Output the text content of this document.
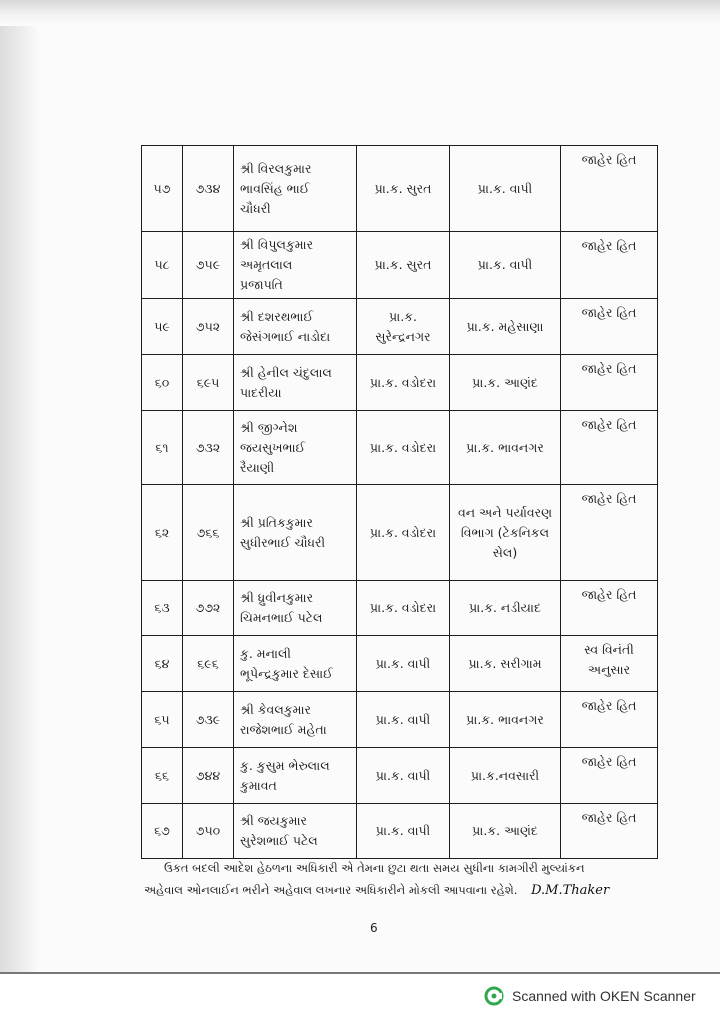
૫૭	૭૩૪	શ્રી વિરલકુમાર
ભાવસિંહ ભાઈ
ચૌધરી	પ્રા.ક. સુરત	પ્રા.ક. વાપી	જાહેર હિત

૫૮	૭૫૯	શ્રી વિપુલકુમાર
અમૃતલાલ
પ્રજાપતિ	પ્રા.ક. સુરત	પ્રા.ક. વાપી	જાહેર હિત

૫૯	૭૫૨	શ્રી દશરથભાઈ
જેસંગભાઈ નાડોદા	પ્રા.ક. સુરેન્દ્રનગર	પ્રા.ક. મહેસાણા	જાહેર હિત

૬૦	૬૯૫	શ્રી હેનીલ ચંદુલાલ
પાદરીયા	પ્રા.ક. વડોદરા	પ્રા.ક. આણંદ	જાહેર હિત

૬૧	૭૩૨	શ્રી જીગ્નેશ
જયસુખભાઈ
રૈયાણી	પ્રા.ક. વડોદરા	પ્રા.ક. ભાવનગર	જાહેર હિત

૬૨	૭૬૬	શ્રી પ્રતિકકુમાર
સુધીરભાઈ ચૌધરી	પ્રા.ક. વડોદરા	વન અને પર્યાવરણ વિભાગ (ટેકનિકલ સેલ)	જાહેર હિત

૬૩	૭૭૨	શ્રી ધ્રુવીનકુમાર
ચિમનભાઈ પટેલ	પ્રા.ક. વડોદરા	પ્રા.ક. નડીયાદ	જાહેર હિત

૬૪	૬૯૬	કુ. મનાલી
ભૂપેન્દ્રકુમાર દેસાઈ	પ્રા.ક. વાપી	પ્રા.ક. સરીગામ	સ્વ વિનંતી
અનુસાર

૬૫	૭૩૯	શ્રી કેવલકુમાર
રાજેશભાઈ મહેતા	પ્રા.ક. વાપી	પ્રા.ક. ભાવનગર	જાહેર હિત

૬૬	૭૪૪	કુ. કુસુમ ભેરુલાલ
કુમાવત	પ્રા.ક. વાપી	પ્રા.ક.નવસારી	જાહેર હિત

૬૭	૭૫૦	શ્રી જયકુમાર
સુરેશભાઈ પટેલ	પ્રા.ક. વાપી	પ્રા.ક. આણંદ	જાહેર હિત
ઉકત બદલી આદેશ હેઠળના અધિકારી એ તેમના છુટા થતા સમય સુધીના કામગીરી મુલ્યાંકન
અહેવાલ ઓનલાઈન ભરીને અહેવાલ લખનાર અધિકારીને મોકલી આપવાના રહેશે. D.M.Thaker
6
Scanned with OKEN Scanner
